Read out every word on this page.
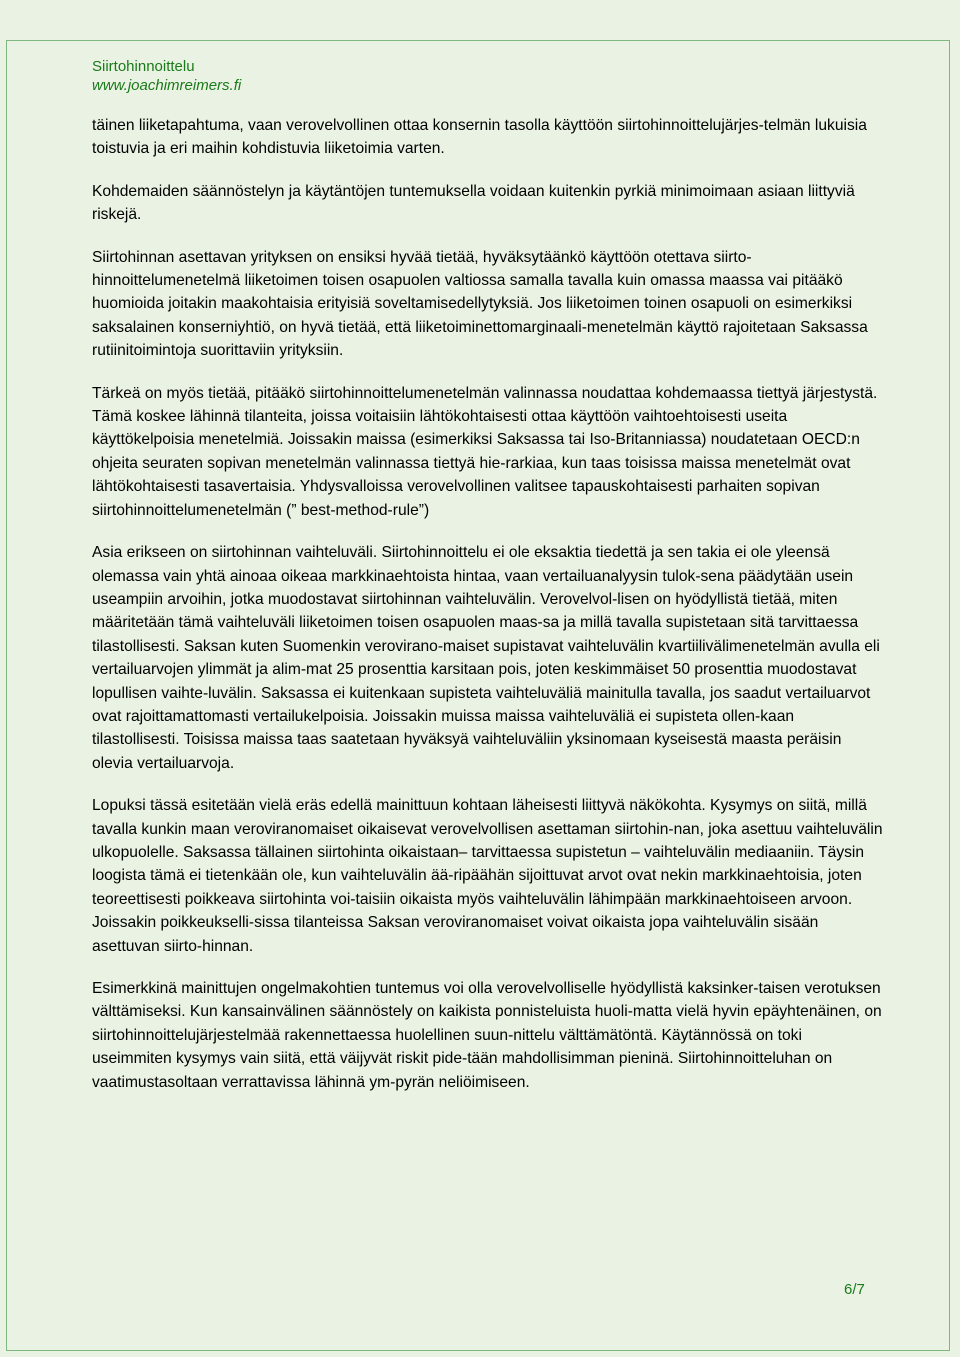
Siirtohinnoittelu
www.joachimreimers.fi

täinen liiketapahtuma, vaan verovelvollinen ottaa konsernin tasolla käyttöön siirtohinnoittelujärjes-telmän lukuisia toistuvia ja eri maihin kohdistuvia liiketoimia varten.

Kohdemaiden säännöstelyn ja käytäntöjen tuntemuksella voidaan kuitenkin pyrkiä minimoimaan asiaan liittyviä riskejä.

Siirtohinnan asettavan yrityksen on ensiksi hyvää tietää, hyväksytäänkö käyttöön otettava siirto-hinnoittelumenetelmä liiketoimen toisen osapuolen valtiossa samalla tavalla kuin omassa maassa vai pitääkö huomioida joitakin maakohtaisia erityisiä soveltamisedellytyksiä. Jos liiketoimen toinen osapuoli on esimerkiksi saksalainen konserniyhtiö, on hyvä tietää, että liiketoiminettomarginaali-menetelmän käyttö rajoitetaan Saksassa rutiinitoimintoja suorittaviin yrityksiin.

Tärkeä on myös tietää, pitääkö siirtohinnoittelumenetelmän valinnassa noudattaa kohdemaassa tiettyä järjestystä. Tämä koskee lähinnä tilanteita, joissa voitaisiin lähtökohtaisesti ottaa käyttöön vaihtoehtoisesti useita käyttökelpoisia menetelmiä. Joissakin maissa (esimerkiksi Saksassa tai Iso-Britanniassa) noudatetaan OECD:n ohjeita seuraten sopivan menetelmän valinnassa tiettyä hie-rarkiaa, kun taas toisissa maissa menetelmät ovat lähtökohtaisesti tasavertaisia. Yhdysvalloissa verovelvollinen valitsee tapauskohtaisesti parhaiten sopivan siirtohinnoittelumenetelmän (” best-method-rule”)

Asia erikseen on siirtohinnan vaihteluväli. Siirtohinnoittelu ei ole eksaktia tiedettä ja sen takia ei ole yleensä olemassa vain yhtä ainoaa oikeaa markkinaehtoista hintaa, vaan vertailuanalyysin tulok-sena päädytään usein useampiin arvoihin, jotka muodostavat siirtohinnan vaihteluvälin. Verovelvol-lisen on hyödyllistä tietää, miten määritetään tämä vaihteluväli liiketoimen toisen osapuolen maas-sa ja millä tavalla supistetaan sitä tarvittaessa tilastollisesti. Saksan kuten Suomenkin verovirano-maiset supistavat vaihteluvälin kvartiilivälimenetelmän avulla eli vertailuarvojen ylimmät ja alim-mat 25 prosenttia karsitaan pois, joten keskimmäiset 50 prosenttia muodostavat lopullisen vaihte-luvälin. Saksassa ei kuitenkaan supisteta vaihteluväliä mainitulla tavalla, jos saadut vertailuarvot ovat rajoittamattomasti vertailukelpoisia. Joissakin muissa maissa vaihteluväliä ei supisteta ollen-kaan tilastollisesti. Toisissa maissa taas saatetaan hyväksyä vaihteluväliin yksinomaan kyseisestä maasta peräisin olevia vertailuarvoja.

Lopuksi tässä esitetään vielä eräs edellä mainittuun kohtaan läheisesti liittyvä näkökohta. Kysymys on siitä, millä tavalla kunkin maan veroviranomaiset oikaisevat verovelvollisen asettaman siirtohin-nan, joka asettuu vaihteluvälin ulkopuolelle. Saksassa tällainen siirtohinta oikaistaan– tarvittaessa supistetun – vaihteluvälin mediaaniin. Täysin loogista tämä ei tietenkään ole, kun vaihteluvälin ää-ripäähän sijoittuvat arvot ovat nekin markkinaehtoisia, joten teoreettisesti poikkeava siirtohinta voi-taisiin oikaista myös vaihteluvälin lähimpään markkinaehtoiseen arvoon. Joissakin poikkeukselli-sissa tilanteissa Saksan veroviranomaiset voivat oikaista jopa vaihteluvälin sisään asettuvan siirto-hinnan.

Esimerkkinä mainittujen ongelmakohtien tuntemus voi olla verovelvolliselle hyödyllistä kaksinker-taisen verotuksen välttämiseksi. Kun kansainvälinen säännöstely on kaikista ponnisteluista huoli-matta vielä hyvin epäyhtenäinen, on siirtohinnoittelujärjestelmää rakennettaessa huolellinen suun-nittelu välttämätöntä. Käytännössä on toki useimmiten kysymys vain siitä, että väijyvät riskit pide-tään mahdollisimman pieninä. Siirtohinnoitteluhan on vaatimustasoltaan verrattavissa lähinnä ym-pyrän neliöimiseen.

6/7
